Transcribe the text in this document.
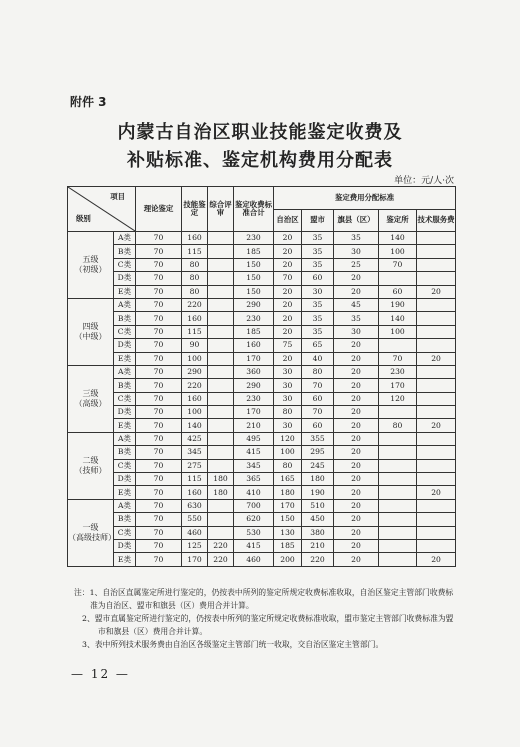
附件 3
内蒙古自治区职业技能鉴定收费及
补贴标准、鉴定机构费用分配表
单位：元/人·次
项目
级别		理论鉴定	技能鉴定	综合评审	鉴定收费标准合计	鉴定费用分配标准				
						自治区	盟市	旗县（区）	鉴定所	技术服务费
五级
（初级）	A类	70	160		230	20	35	35	140	
	B类	70	115		185	20	35	30	100	
	C类	70	80		150	20	35	25	70	
	D类	70	80		150	70	60	20		
	E类	70	80		150	20	30	20	60	20
四级
（中级）	A类	70	220		290	20	35	45	190	
	B类	70	160		230	20	35	35	140	
	C类	70	115		185	20	35	30	100	
	D类	70	90		160	75	65	20		
	E类	70	100		170	20	40	20	70	20
三级
（高级）	A类	70	290		360	30	80	20	230	
	B类	70	220		290	30	70	20	170	
	C类	70	160		230	30	60	20	120	
	D类	70	100		170	80	70	20		
	E类	70	140		210	30	60	20	80	20
二级
（技师）	A类	70	425		495	120	355	20		
	B类	70	345		415	100	295	20		
	C类	70	275		345	80	245	20		
	D类	70	115	180	365	165	180	20		
	E类	70	160	180	410	180	190	20		20
一级
（高级技师）	A类	70	630		700	170	510	20		
	B类	70	550		620	150	450	20		
	C类	70	460		530	130	380	20		
	D类	70	125	220	415	185	210	20		
	E类	70	170	220	460	200	220	20		20

注：1、自治区直属鉴定所进行鉴定的，仍按表中所列的鉴定所规定收费标准收取，自治区鉴定主管部门收费标准为自治区、盟市和旗县（区）费用合并计算。

2、盟市直属鉴定所进行鉴定的，仍按表中所列的鉴定所规定收费标准收取，盟市鉴定主管部门收费标准为盟市和旗县（区）费用合并计算。

3、表中所列技术服务费由自治区各级鉴定主管部门统一收取，交自治区鉴定主管部门。

— 12 —
